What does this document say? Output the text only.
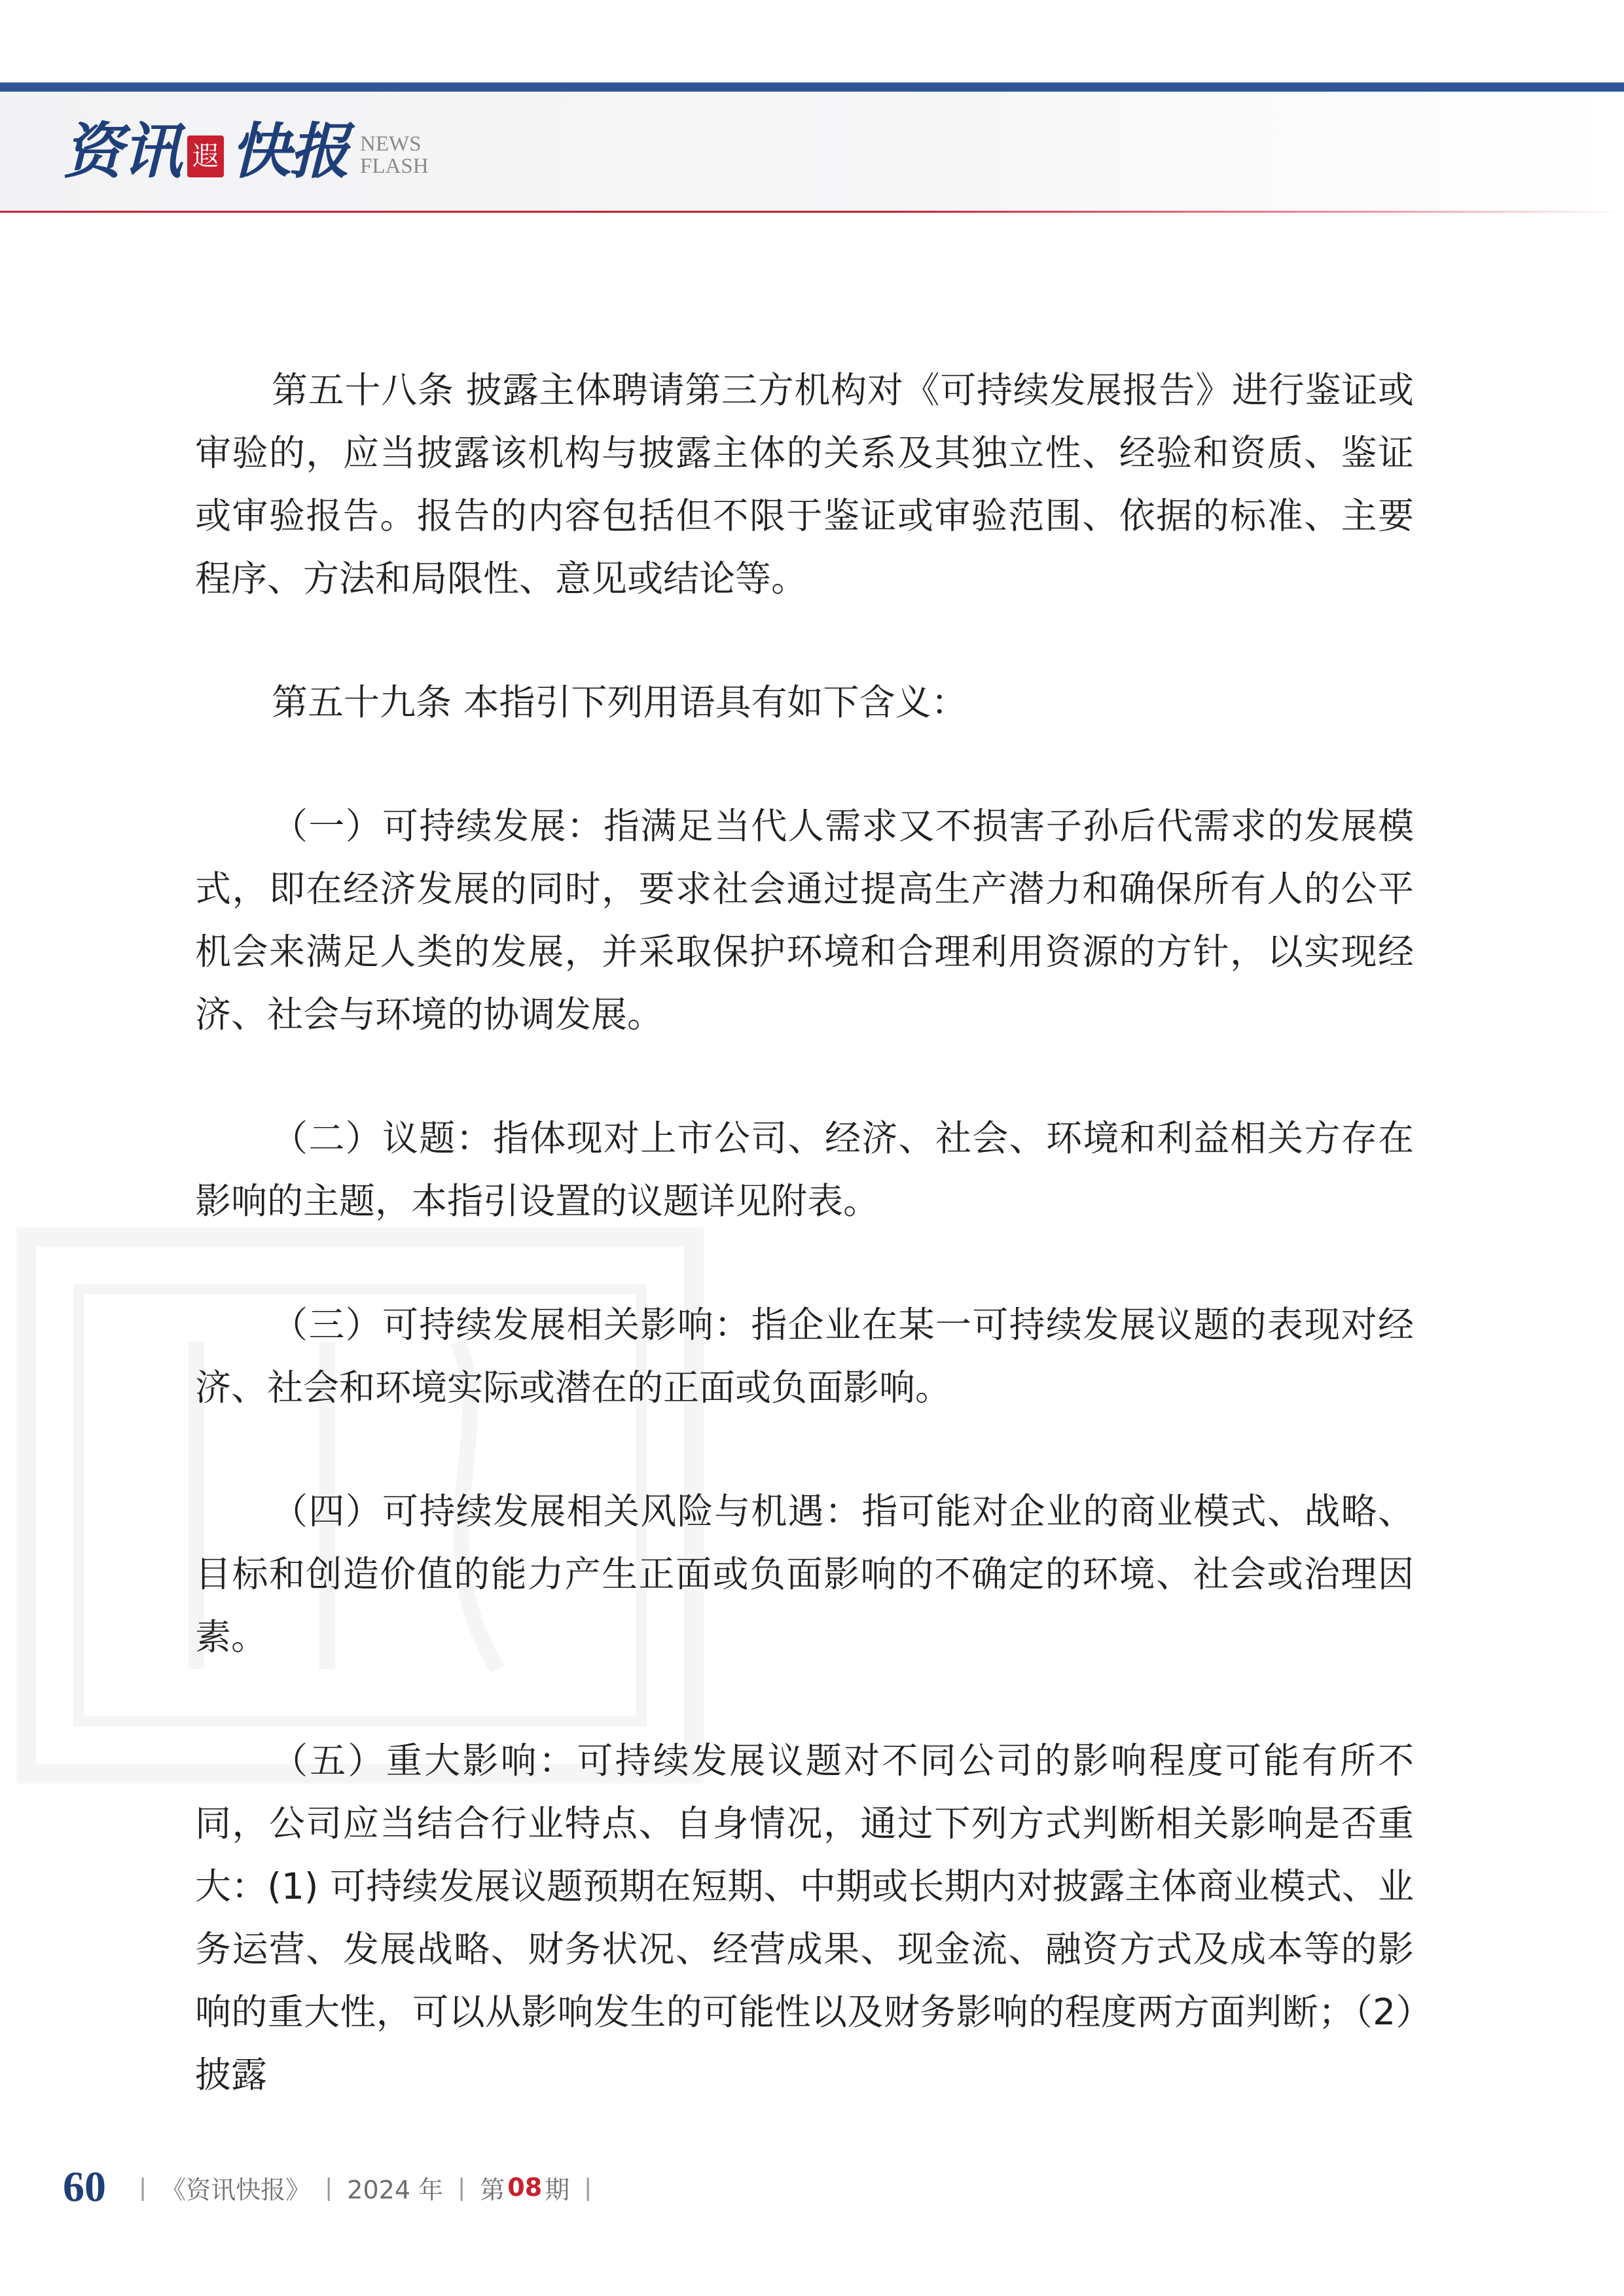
资讯 遐 快报 NEWS
FLASH

第五十八条 披露主体聘请第三方机构对《可持续发展报告》进行鉴证或审验的，应当披露该机构与披露主体的关系及其独立性、经验和资质、鉴证或审验报告。报告的内容包括但不限于鉴证或审验范围、依据的标准、主要程序、方法和局限性、意见或结论等。

第五十九条 本指引下列用语具有如下含义：

（一）可持续发展：指满足当代人需求又不损害子孙后代需求的发展模式，即在经济发展的同时，要求社会通过提高生产潜力和确保所有人的公平机会来满足人类的发展，并采取保护环境和合理利用资源的方针，以实现经济、社会与环境的协调发展。

（二）议题：指体现对上市公司、经济、社会、环境和利益相关方存在影响的主题，本指引设置的议题详见附表。

（三）可持续发展相关影响：指企业在某一可持续发展议题的表现对经济、社会和环境实际或潜在的正面或负面影响。

（四）可持续发展相关风险与机遇：指可能对企业的商业模式、战略、目标和创造价值的能力产生正面或负面影响的不确定的环境、社会或治理因素。

（五）重大影响：可持续发展议题对不同公司的影响程度可能有所不同，公司应当结合行业特点、自身情况，通过下列方式判断相关影响是否重大：(1) 可持续发展议题预期在短期、中期或长期内对披露主体商业模式、业务运营、发展战略、财务状况、经营成果、现金流、融资方式及成本等的影响的重大性，可以从影响发生的可能性以及财务影响的程度两方面判断；（2）披露

60 | 《资讯快报》 | 2024 年 | 第 08 期 |
